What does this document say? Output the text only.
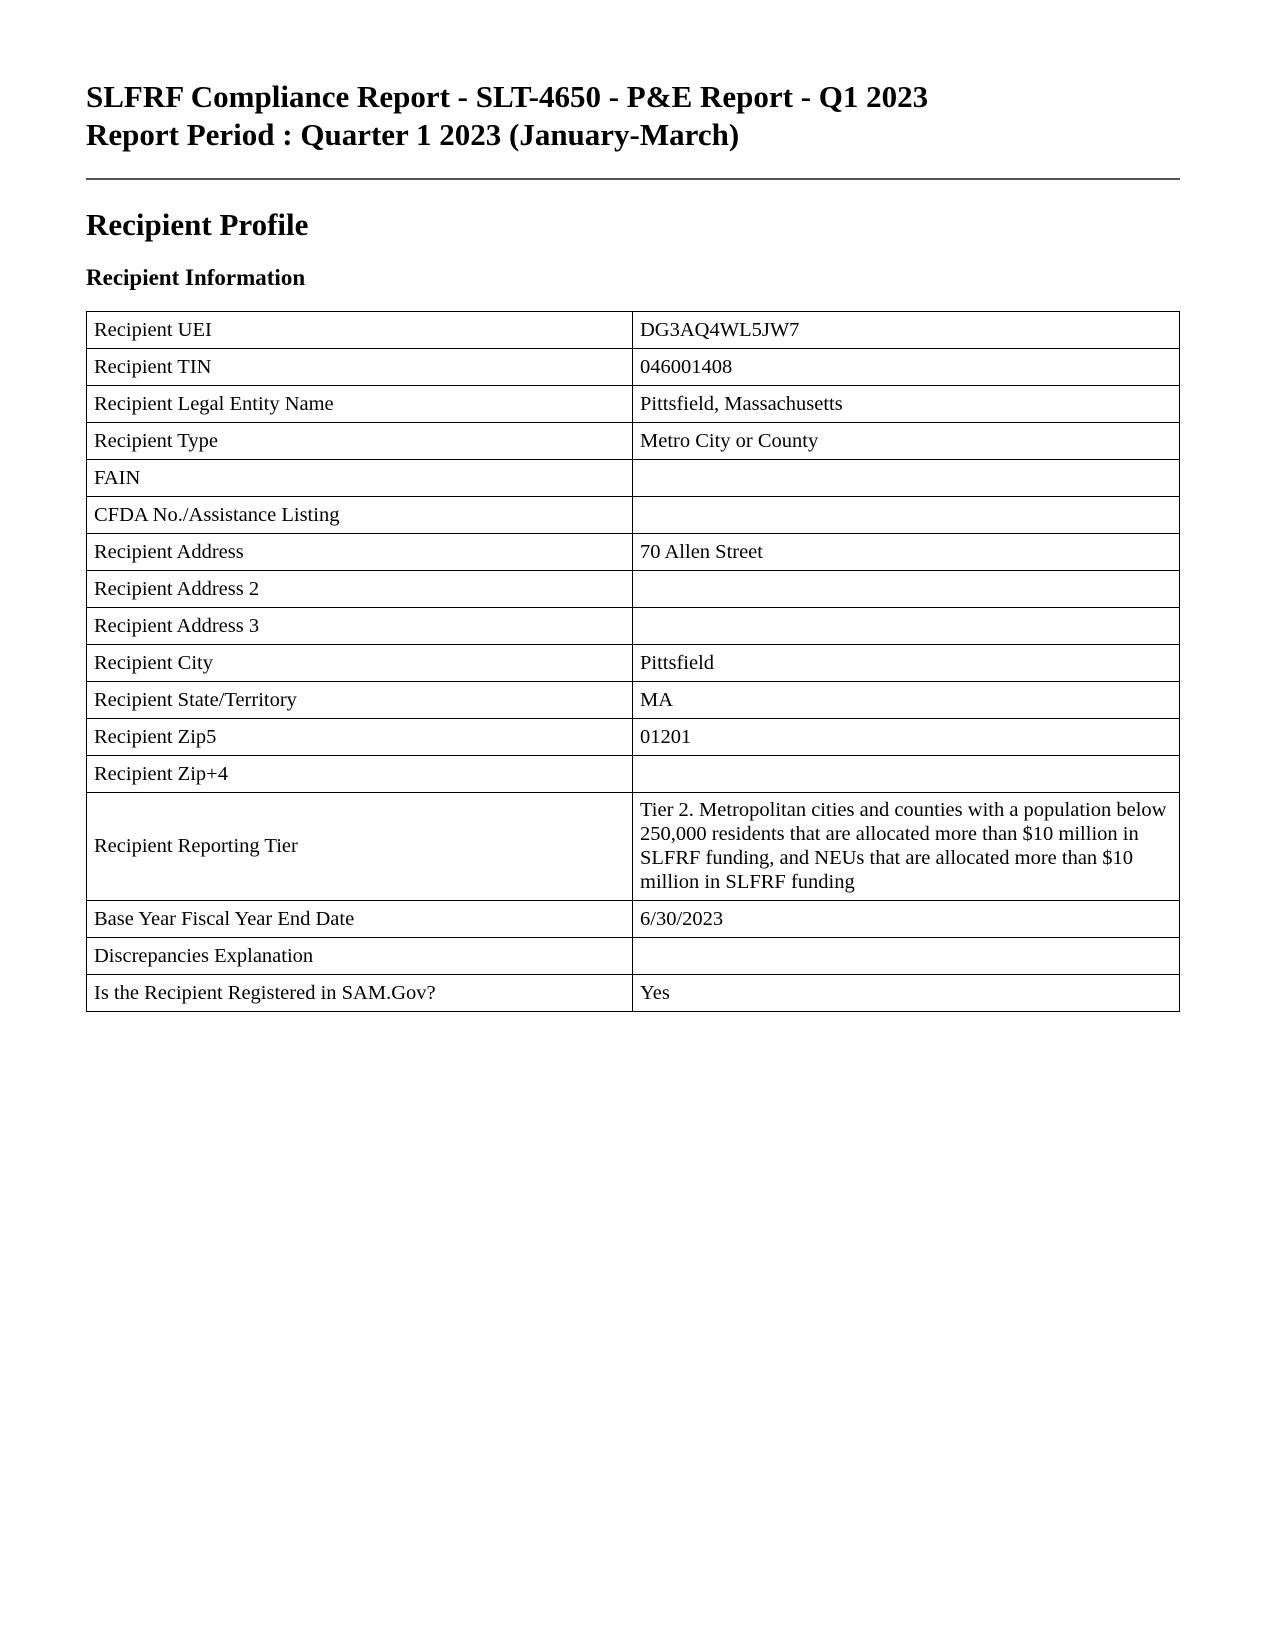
SLFRF Compliance Report - SLT-4650 - P&E Report - Q1 2023
Report Period : Quarter 1 2023 (January-March)
Recipient Profile
Recipient Information
Recipient UEI	DG3AQ4WL5JW7
Recipient TIN	046001408
Recipient Legal Entity Name	Pittsfield, Massachusetts
Recipient Type	Metro City or County
FAIN	
CFDA No./Assistance Listing	
Recipient Address	70 Allen Street
Recipient Address 2	
Recipient Address 3	
Recipient City	Pittsfield
Recipient State/Territory	MA
Recipient Zip5	01201
Recipient Zip+4	
Recipient Reporting Tier	Tier 2. Metropolitan cities and counties with a population below 250,000 residents that are allocated more than $10 million in SLFRF funding, and NEUs that are allocated more than $10 million in SLFRF funding
Base Year Fiscal Year End Date	6/30/2023
Discrepancies Explanation	
Is the Recipient Registered in SAM.Gov?	Yes
